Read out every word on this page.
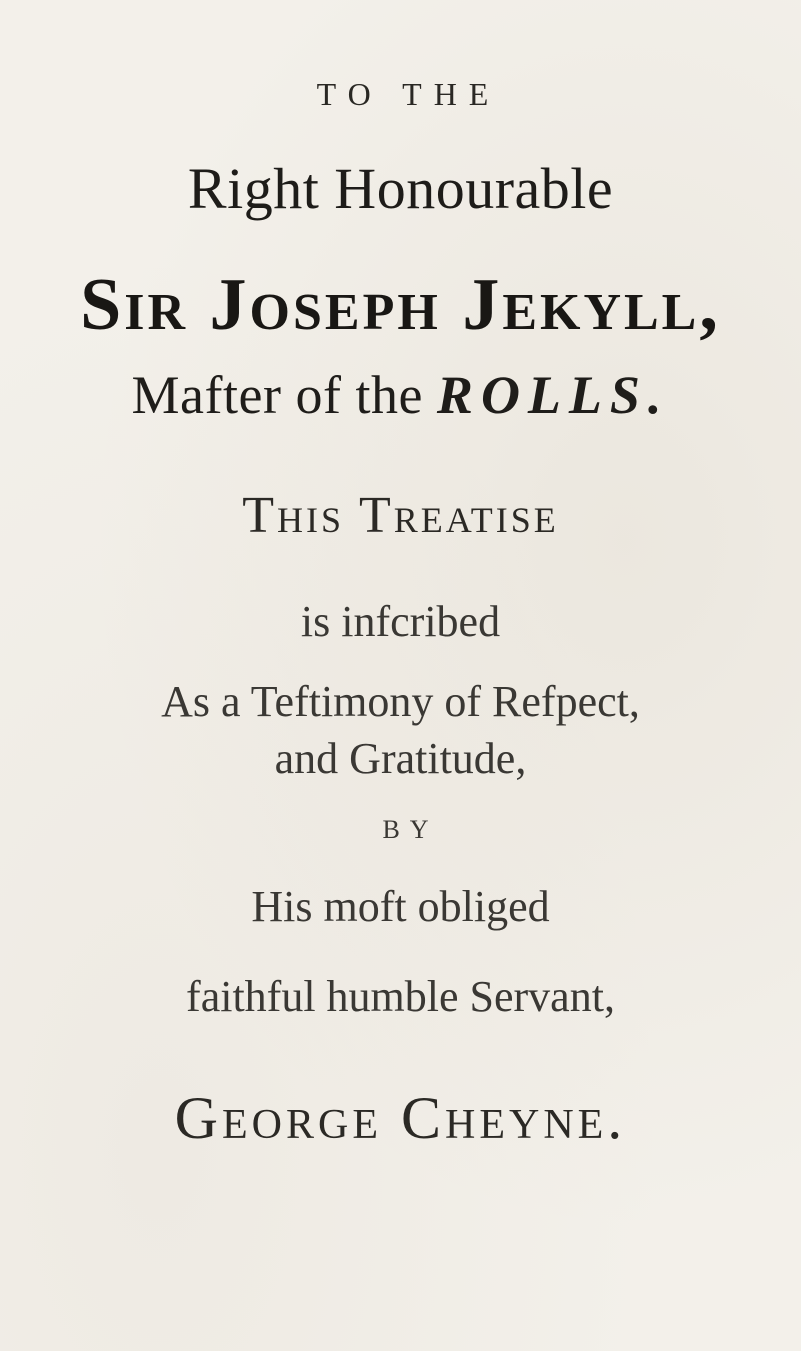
TO THE
Right Honourable
Sir Joseph Jekyll,
Mafter of the ROLLS.
This Treatise
is infcribed
As a Teftimony of Refpect,
and Gratitude,
BY
His moft obliged
faithful humble Servant,
George Cheyne.
